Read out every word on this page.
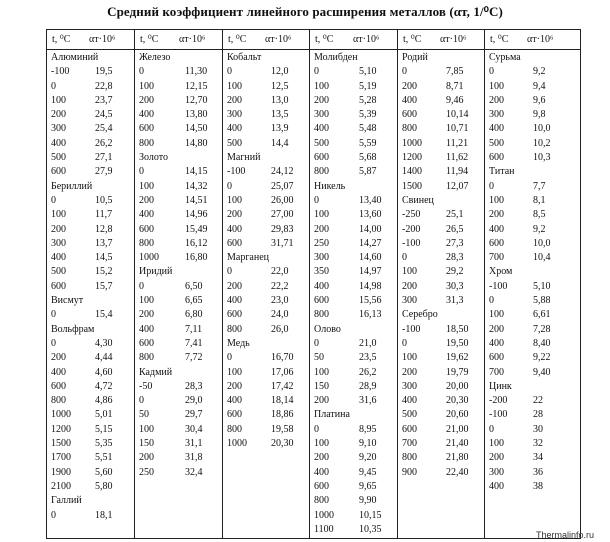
Средний коэффициент линейного расширения металлов (αт, 1/⁰С)
t, ⁰С αт·10⁶
Алюминий
-100	19,5
0	22,8
100	23,7
200	24,5
300	25,4
400	26,2
500	27,1
600	27,9
Бериллий
0	10,5
100	11,7
200	12,8
300	13,7
400	14,5
500	15,2
600	15,7
Висмут
0	15,4
Вольфрам
0	4,30
200	4,44
400	4,60
600	4,72
800	4,86
1000 5,01
1200 5,15
1500 5,35
1700 5,51
1900 5,60
2100 5,80
Галлий
0	18,1
t, ⁰С αт·10⁶
Железо
0	11,30
100	12,15
200	12,70
400	13,80
600	14,50
800	14,80
Золото
0	14,15
100	14,32
200	14,51
400	14,96
600	15,49
800	16,12
1000	16,80
Иридий
0	6,50
100	6,65
200	6,80
400	7,11
600	7,41
800	7,72
Кадмий
-50	28,3
0	29,0
50	29,7
100	30,4
150	31,1
200	31,8
250	32,4
t, ⁰С αт·10⁶
Кобальт
0	12,0
100	12,5
200	13,0
300	13,5
400	13,9
500	14,4
Магний
-100	24,12
0	25,07
100	26,00
200	27,00
400	29,83
600	31,71
Марганец
0	22,0
200	22,2
400	23,0
600	24,0
800	26,0
Медь
0	16,70
100	17,06
200	17,42
400	18,14
600	18,86
800	19,58
1000 20,30
t, ⁰С αт·10⁶
Молибден
0	5,10
100	5,19
200	5,28
300	5,39
400	5,48
500	5,59
600	5,68
800	5,87
Никель
0	13,40
100	13,60
200	14,00
250	14,27
300	14,60
350	14,97
400	14,98
600	15,56
800	16,13
Олово
0	21,0
50	23,5
100	26,2
150	28,9
200	31,6
Платина
0	8,95
100	9,10
200	9,20
400	9,45
600	9,65
800	9,90
1000	10,15
1100	10,35
t, ⁰С αт·10⁶
Родий
0	7,85
200	8,71
400	9,46
600	10,14
800	10,71
1000 11,21
1200 11,62
1400 11,94
1500 12,07
Свинец
-250	25,1
-200	26,5
-100	27,3
0	28,3
100	29,2
200	30,3
300	31,3
Серебро
-100	18,50
0	19,50
100	19,62
200	19,79
300	20,00
400	20,30
500	20,60
600	21,00
700	21,40
800	21,80
900	22,40
t, ⁰С αт·10⁶
Сурьма
0	9,2
100	9,4
200	9,6
300	9,8
400	10,0
500	10,2
600	10,3
Титан
0	7,7
100	8,1
200	8,5
400	9,2
600	10,0
700	10,4
Хром
-100	5,10
0	5,88
100	6,61
200	7,28
400	8,40
600	9,22
700	9,40
Цинк
-200	22
-100	28
0	30
100	32
200	34
300	36
400	38
Thermalinfo.ru
